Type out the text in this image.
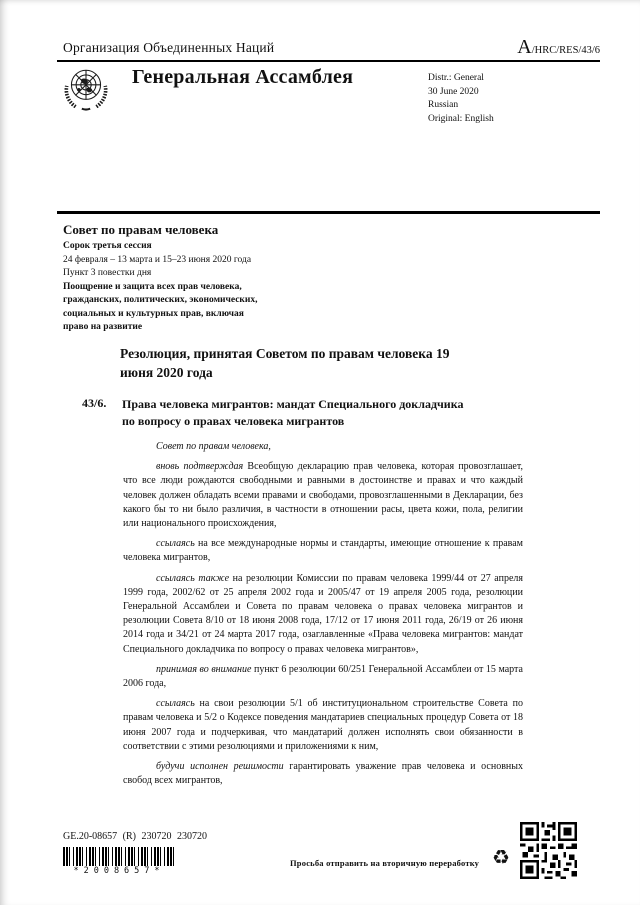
Организация Объединенных Наций	A/HRC/RES/43/6
Генеральная Ассамблея	Distr.: General
30 June 2020
Russian
Original: English
Совет по правам человека
Сорок третья сессия
24 февраля – 13 марта и 15–23 июня 2020 года
Пункт 3 повестки дня
Поощрение и защита всех прав человека, гражданских, политических, экономических, социальных и культурных прав, включая право на развитие
Резолюция, принятая Советом по правам человека 19 июня 2020 года
43/6. Права человека мигрантов: мандат Специального докладчика по вопросу о правах человека мигрантов

Совет по правам человека,

вновь подтверждая Всеобщую декларацию прав человека, которая провозглашает, что все люди рождаются свободными и равными в достоинстве и правах и что каждый человек должен обладать всеми правами и свободами, провозглашенными в Декларации, без какого бы то ни было различия, в частности в отношении расы, цвета кожи, пола, религии или национального происхождения,

ссылаясь на все международные нормы и стандарты, имеющие отношение к правам человека мигрантов,

ссылаясь также на резолюции Комиссии по правам человека 1999/44 от 27 апреля 1999 года, 2002/62 от 25 апреля 2002 года и 2005/47 от 19 апреля 2005 года, резолюции Генеральной Ассамблеи и Совета по правам человека о правах человека мигрантов и резолюции Совета 8/10 от 18 июня 2008 года, 17/12 от 17 июня 2011 года, 26/19 от 26 июня 2014 года и 34/21 от 24 марта 2017 года, озаглавленные «Права человека мигрантов: мандат Специального докладчика по вопросу о правах человека мигрантов»,

принимая во внимание пункт 6 резолюции 60/251 Генеральной Ассамблеи от 15 марта 2006 года,

ссылаясь на свои резолюции 5/1 об институциональном строительстве Совета по правам человека и 5/2 о Кодексе поведения мандатариев специальных процедур Совета от 18 июня 2007 года и подчеркивая, что мандатарий должен исполнять свои обязанности в соответствии с этими резолюциями и приложениями к ним,

будучи исполнен решимости гарантировать уважение прав человека и основных свобод всех мигрантов,

GE.20-08657 (R) 230720 230720
*2008657*
Просьба отправить на вторичную переработку ♻
